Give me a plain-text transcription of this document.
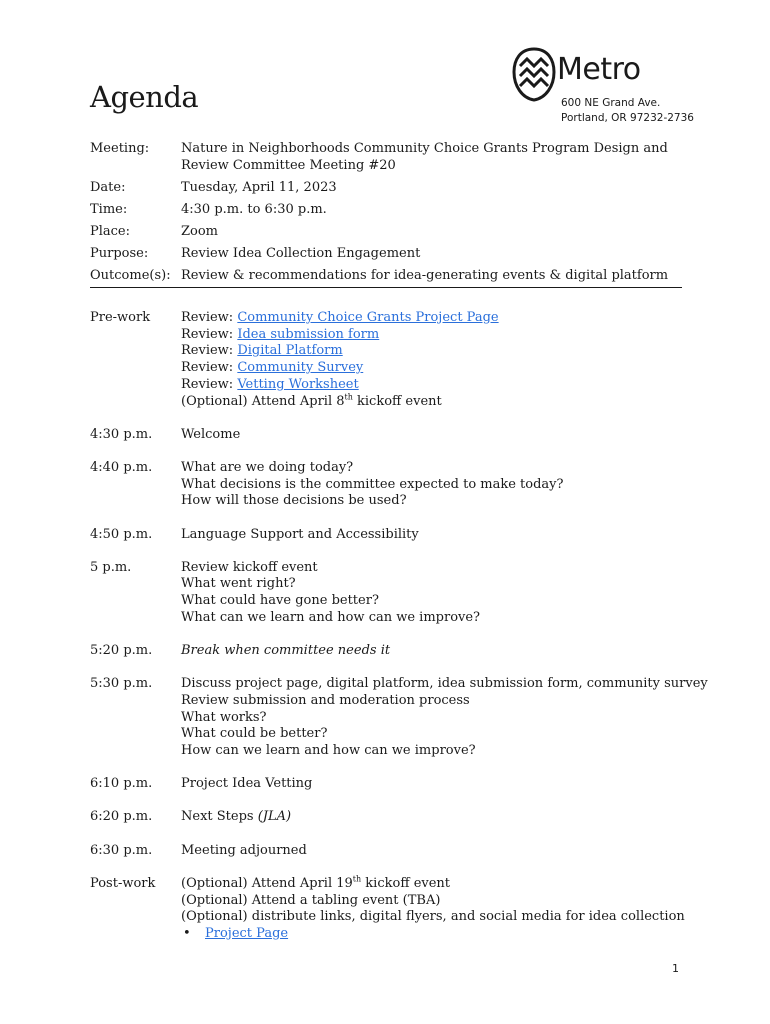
Agenda
Metro
600 NE Grand Ave.
Portland, OR 97232-2736
Meeting:	Nature in Neighborhoods Community Choice Grants Program Design and Review Committee Meeting #20
Date:	Tuesday, April 11, 2023
Time:	4:30 p.m. to 6:30 p.m.
Place:	Zoom
Purpose:	Review Idea Collection Engagement
Outcome(s): Review & recommendations for idea-generating events & digital platform
Pre-work	Review: Community Choice Grants Project Page
Review: Idea submission form
Review: Digital Platform
Review: Community Survey
Review: Vetting Worksheet
(Optional) Attend April 8th kickoff event
4:30 p.m.	Welcome
4:40 p.m.	What are we doing today?
What decisions is the committee expected to make today?
How will those decisions be used?
4:50 p.m.	Language Support and Accessibility
5 p.m.	Review kickoff event
What went right?
What could have gone better?
What can we learn and how can we improve?
5:20 p.m.	Break when committee needs it
5:30 p.m.	Discuss project page, digital platform, idea submission form, community survey
Review submission and moderation process
What works?
What could be better?
How can we learn and how can we improve?
6:10 p.m.	Project Idea Vetting
6:20 p.m.	Next Steps (JLA)
6:30 p.m.	Meeting adjourned
Post-work	(Optional) Attend April 19th kickoff event
(Optional) Attend a tabling event (TBA)
(Optional) distribute links, digital flyers, and social media for idea collection
•	Project Page
1
